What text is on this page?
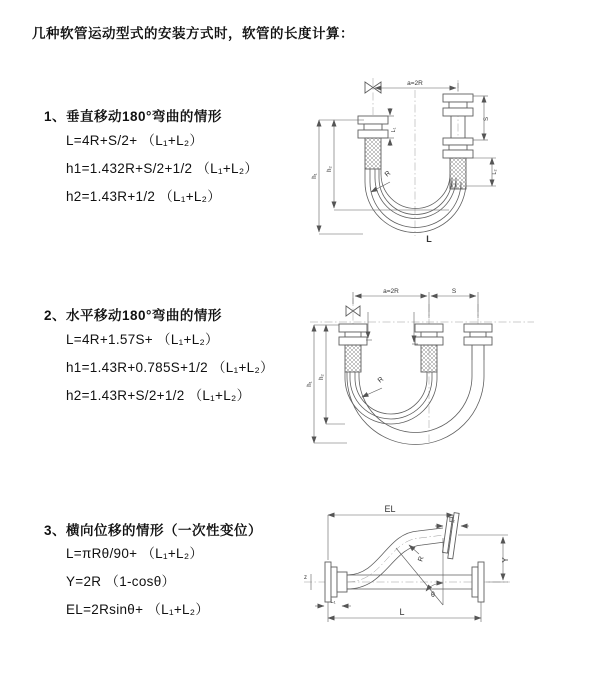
几种软管运动型式的安装方式时，软管的长度计算：
1、垂直移动180°弯曲的情形
L=4R+S/2+ （L₁+L₂）
h1=1.432R+S/2+1/2 （L₁+L₂）
h2=1.43R+1/2 （L₁+L₂）
2、水平移动180°弯曲的情形
L=4R+1.57S+ （L₁+L₂）
h1=1.43R+0.785S+1/2 （L₁+L₂）
h2=1.43R+S/2+1/2 （L₁+L₂）
3、横向位移的情形（一次性变位）
L=πRθ/90+ （L₁+L₂）
Y=2R （1-cosθ）
EL=2Rsinθ+ （L₁+L₂）
a=2R
R
L
h₁
h₂
L₁
S
L₂
a=2R	S
R
h₁
h₂
z
EL
L₂
Y
R
θ
L
L₁
